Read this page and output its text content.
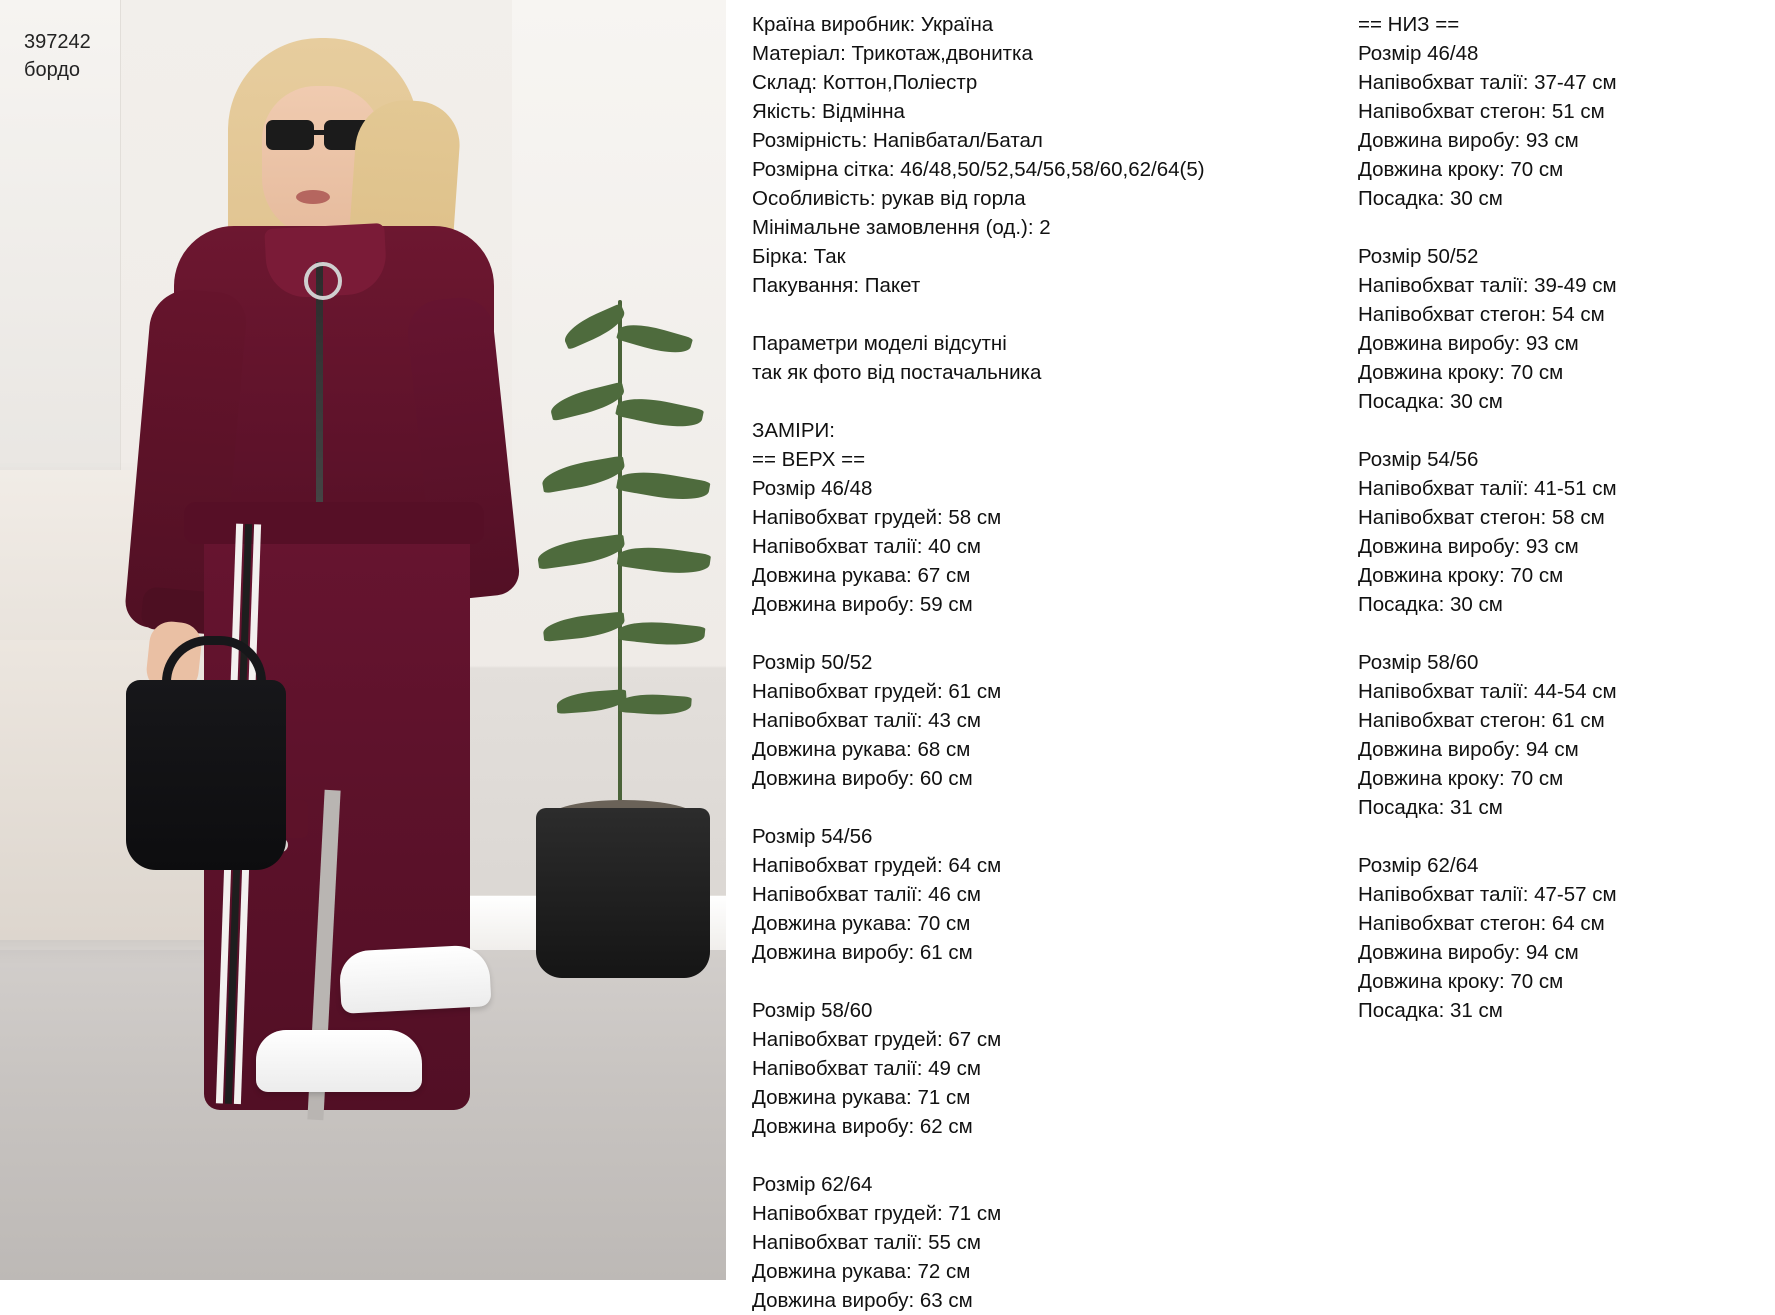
397242
бордо
Країна виробник: Україна
Матеріал: Трикотаж,двонитка
Склад: Коттон,Поліестр
Якість: Відмінна
Розмірність: Напівбатал/Батал
Розмірна сітка: 46/48,50/52,54/56,58/60,62/64(5)
Особливість: рукав від горла
Мінімальне замовлення (од.): 2
Бірка: Так
Пакування: Пакет
Параметри моделі відсутні
так як фото від постачальника
ЗАМІРИ:
== ВЕРХ ==
Розмір 46/48
Напівобхват грудей: 58 см
Напівобхват талії: 40 см
Довжина рукава: 67 см
Довжина виробу: 59 см
Розмір 50/52
Напівобхват грудей: 61 см
Напівобхват талії: 43 см
Довжина рукава: 68 см
Довжина виробу: 60 см
Розмір 54/56
Напівобхват грудей: 64 см
Напівобхват талії: 46 см
Довжина рукава: 70 см
Довжина виробу: 61 см
Розмір 58/60
Напівобхват грудей: 67 см
Напівобхват талії: 49 см
Довжина рукава: 71 см
Довжина виробу: 62 см
Розмір 62/64
Напівобхват грудей: 71 см
Напівобхват талії: 55 см
Довжина рукава: 72 см
Довжина виробу: 63 см
== НИЗ ==
Розмір 46/48
Напівобхват талії: 37-47 см
Напівобхват стегон: 51 см
Довжина виробу: 93 см
Довжина кроку: 70 см
Посадка: 30 см
Розмір 50/52
Напівобхват талії: 39-49 см
Напівобхват стегон: 54 см
Довжина виробу: 93 см
Довжина кроку: 70 см
Посадка: 30 см
Розмір 54/56
Напівобхват талії: 41-51 см
Напівобхват стегон: 58 см
Довжина виробу: 93 см
Довжина кроку: 70 см
Посадка: 30 см
Розмір 58/60
Напівобхват талії: 44-54 см
Напівобхват стегон: 61 см
Довжина виробу: 94 см
Довжина кроку: 70 см
Посадка: 31 см
Розмір 62/64
Напівобхват талії: 47-57 см
Напівобхват стегон: 64 см
Довжина виробу: 94 см
Довжина кроку: 70 см
Посадка: 31 см
